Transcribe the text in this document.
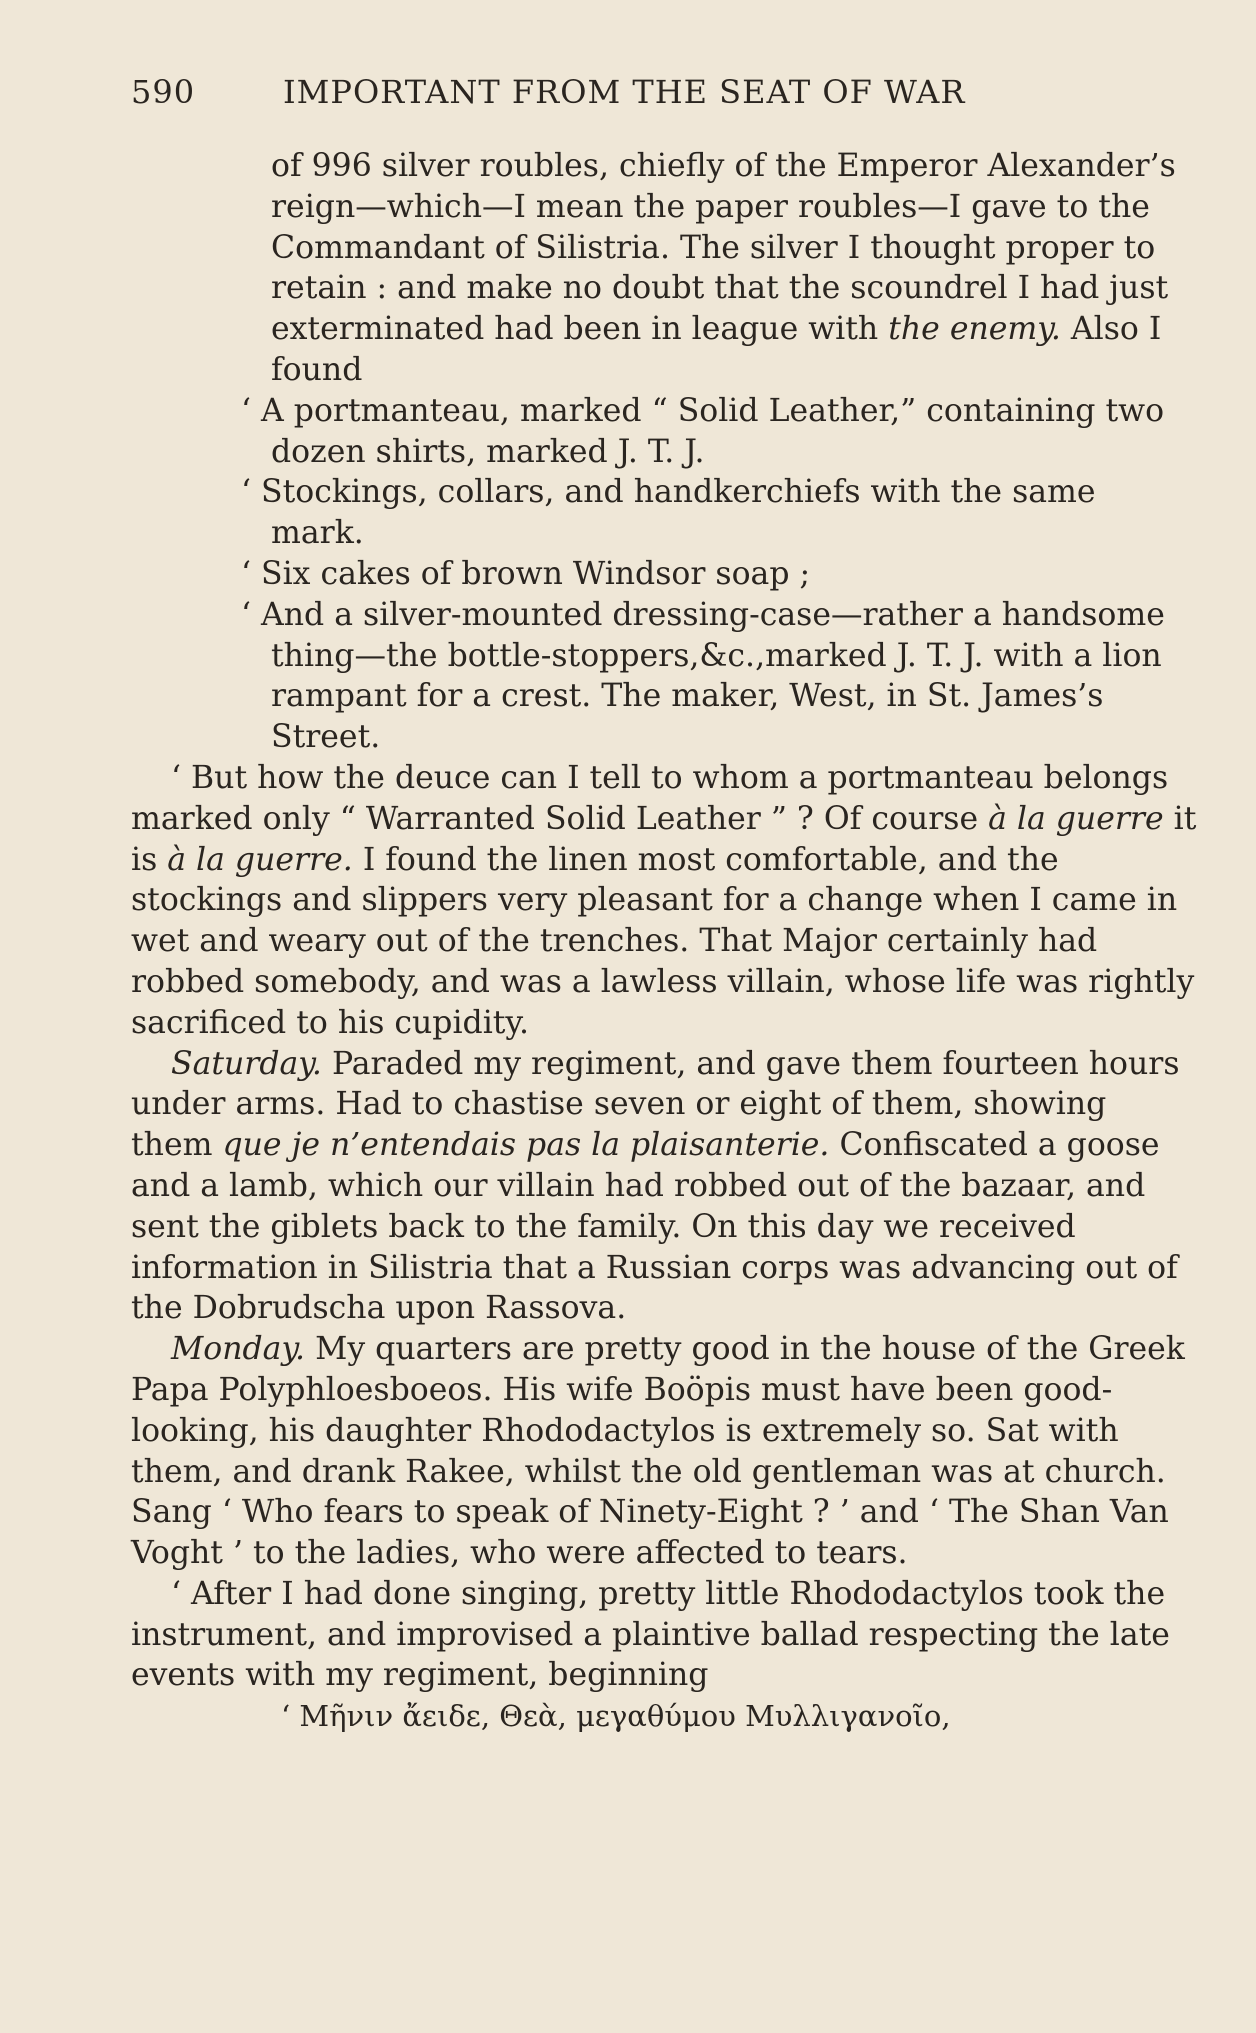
590	IMPORTANT FROM THE SEAT OF WAR

of 996 silver roubles, chiefly of the Emperor Alexander’s reign—which—I mean the paper roubles—I gave to the Commandant of Silistria. The silver I thought proper to retain : and make no doubt that the scoundrel I had just exterminated had been in league with the enemy. Also I found

‘ A portmanteau, marked “ Solid Leather,” containing two dozen shirts, marked J. T. J.

‘ Stockings, collars, and handkerchiefs with the same mark.

‘ Six cakes of brown Windsor soap ;

‘ And a silver-mounted dressing-case—rather a handsome thing—the bottle-stoppers,&c.,marked J. T. J. with a lion rampant for a crest. The maker, West, in St. James’s Street.

‘ But how the deuce can I tell to whom a portmanteau belongs marked only “ Warranted Solid Leather ” ? Of course à la guerre it is à la guerre. I found the linen most comfortable, and the stockings and slippers very pleasant for a change when I came in wet and weary out of the trenches. That Major certainly had robbed somebody, and was a lawless villain, whose life was rightly sacrificed to his cupidity.

Saturday. Paraded my regiment, and gave them fourteen hours under arms. Had to chastise seven or eight of them, showing them que je n’entendais pas la plaisanterie. Confiscated a goose and a lamb, which our villain had robbed out of the bazaar, and sent the giblets back to the family. On this day we received information in Silistria that a Russian corps was advancing out of the Dobrudscha upon Rassova.

Monday. My quarters are pretty good in the house of the Greek Papa Polyphloesboeos. His wife Boöpis must have been good-looking, his daughter Rhododactylos is extremely so. Sat with them, and drank Rakee, whilst the old gentleman was at church. Sang ‘ Who fears to speak of Ninety-Eight ? ’ and ‘ The Shan Van Voght ’ to the ladies, who were affected to tears.

‘ After I had done singing, pretty little Rhododactylos took the instrument, and improvised a plaintive ballad respecting the late events with my regiment, beginning

‘ Μῆνιν ἄειδε, Θεὰ, μεγαθύμου Μυλλιγανοῖο,
